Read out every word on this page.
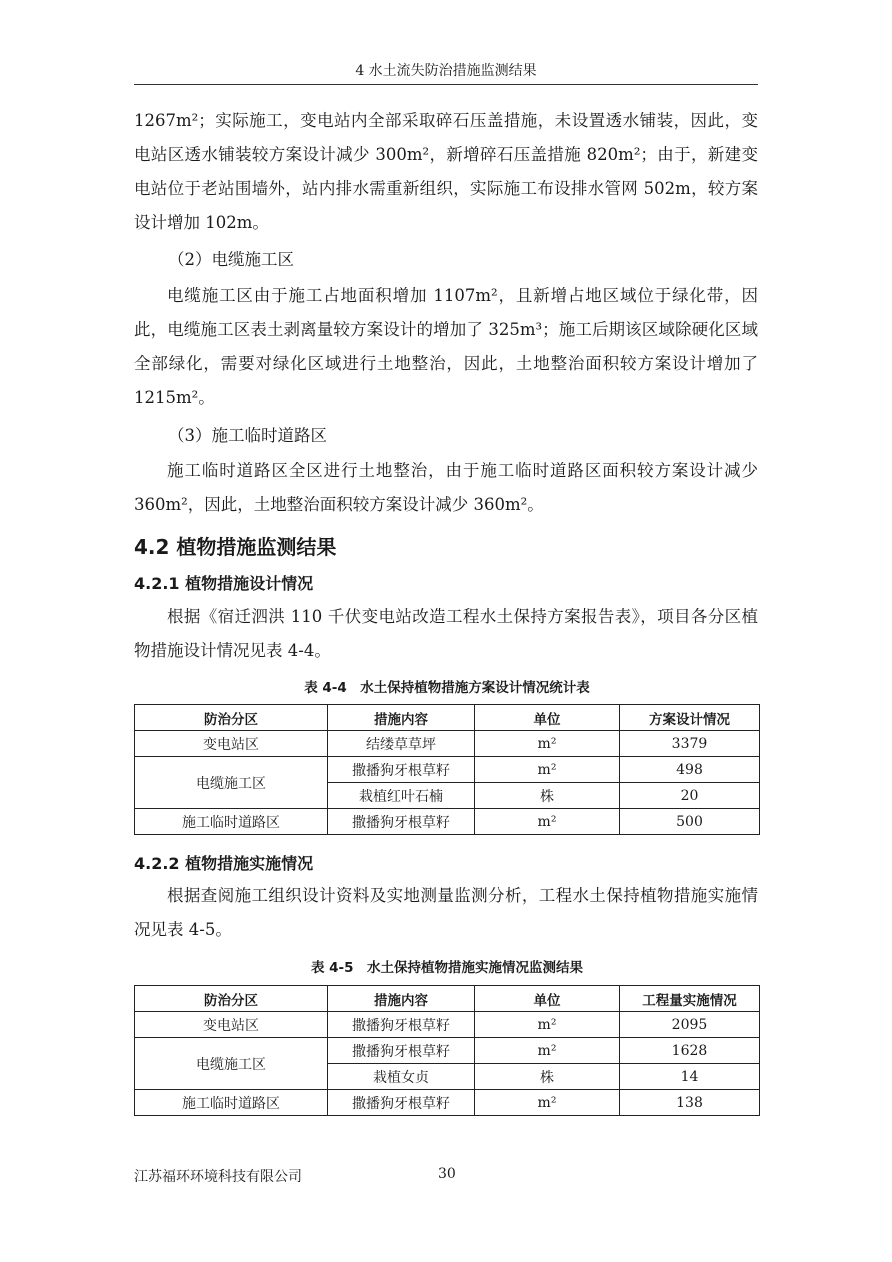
4 水土流失防治措施监测结果

1267m²；实际施工，变电站内全部采取碎石压盖措施，未设置透水铺装，因此，变电站区透水铺装较方案设计减少 300m²，新增碎石压盖措施 820m²；由于，新建变电站位于老站围墙外，站内排水需重新组织，实际施工布设排水管网 502m，较方案设计增加 102m。

（2）电缆施工区

电缆施工区由于施工占地面积增加 1107m²，且新增占地区域位于绿化带，因此，电缆施工区表土剥离量较方案设计的增加了 325m³；施工后期该区域除硬化区域全部绿化，需要对绿化区域进行土地整治，因此，土地整治面积较方案设计增加了 1215m²。

（3）施工临时道路区

施工临时道路区全区进行土地整治，由于施工临时道路区面积较方案设计减少 360m²，因此，土地整治面积较方案设计减少 360m²。

4.2 植物措施监测结果

4.2.1 植物措施设计情况

根据《宿迁泗洪 110 千伏变电站改造工程水土保持方案报告表》，项目各分区植物措施设计情况见表 4-4。

表 4-4　水土保持植物措施方案设计情况统计表

防治分区	措施内容	单位	方案设计情况
变电站区	结缕草草坪	m²	3379
电缆施工区	撒播狗牙根草籽	m²	498
	栽植红叶石楠	株	20
施工临时道路区	撒播狗牙根草籽	m²	500

4.2.2 植物措施实施情况

根据查阅施工组织设计资料及实地测量监测分析，工程水土保持植物措施实施情况见表 4-5。

表 4-5　水土保持植物措施实施情况监测结果

防治分区	措施内容	单位	工程量实施情况
变电站区	撒播狗牙根草籽	m²	2095
电缆施工区	撒播狗牙根草籽	m²	1628
	栽植女贞	株	14
施工临时道路区	撒播狗牙根草籽	m²	138
江苏福环环境科技有限公司	30
